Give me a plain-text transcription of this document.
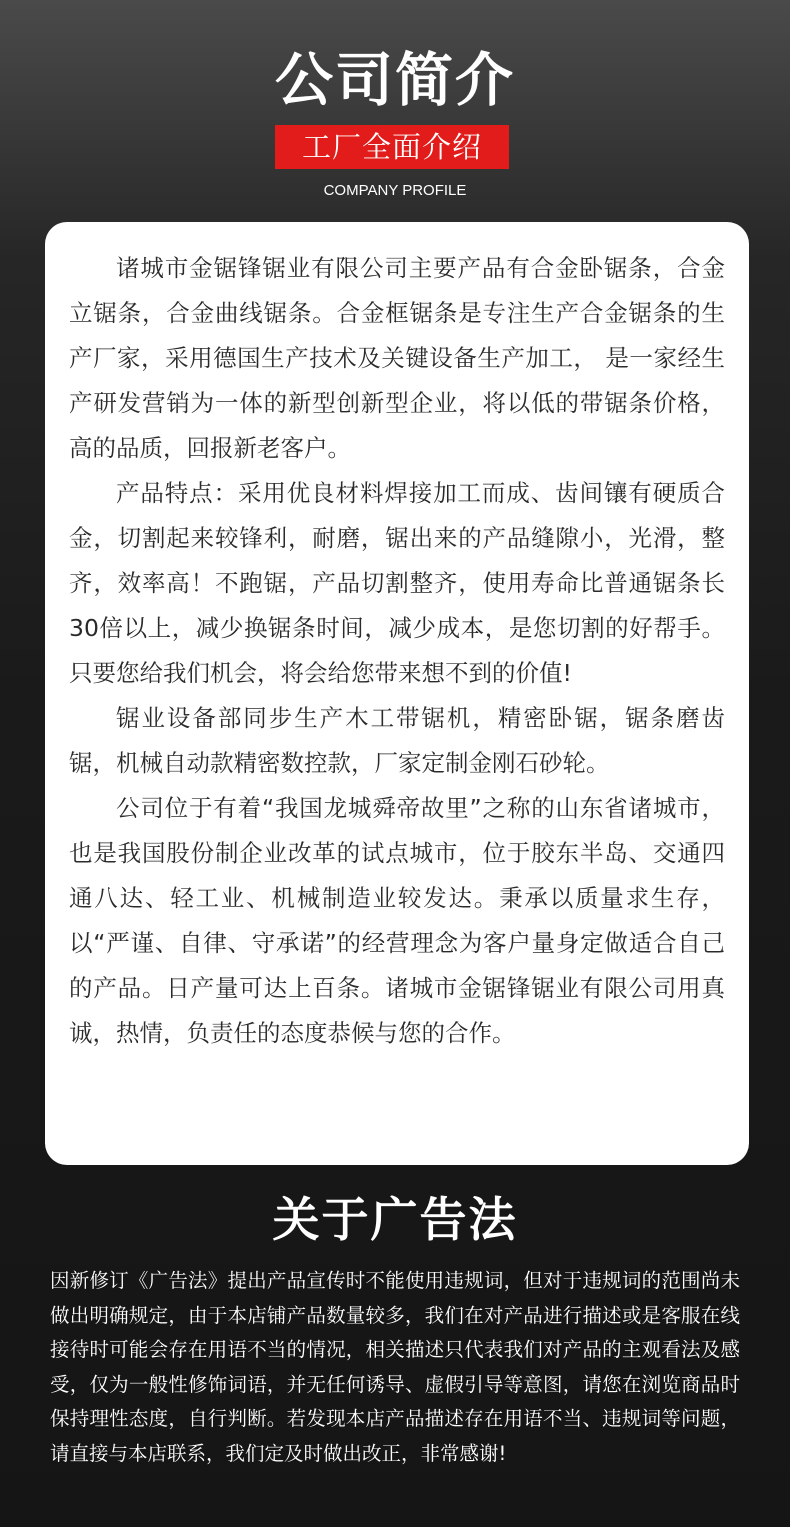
公司简介
工厂全面介绍
COMPANY PROFILE

诸城市金锯锋锯业有限公司主要产品有合金卧锯条，合金立锯条，合金曲线锯条。合金框锯条是专注生产合金锯条的生产厂家，采用德国生产技术及关键设备生产加工， 是一家经生产研发营销为一体的新型创新型企业，将以低的带锯条价格，高的品质，回报新老客户。

产品特点：采用优良材料焊接加工而成、齿间镶有硬质合金，切割起来较锋利，耐磨，锯出来的产品缝隙小，光滑，整齐，效率高！不跑锯，产品切割整齐，使用寿命比普通锯条长30倍以上，减少换锯条时间，减少成本，是您切割的好帮手。只要您给我们机会，将会给您带来想不到的价值!

锯业设备部同步生产木工带锯机，精密卧锯，锯条磨齿锯，机械自动款精密数控款，厂家定制金刚石砂轮。

公司位于有着“我国龙城舜帝故里”之称的山东省诸城市，也是我国股份制企业改革的试点城市，位于胶东半岛、交通四通八达、轻工业、机械制造业较发达。秉承以质量求生存，以“严谨、自律、守承诺”的经营理念为客户量身定做适合自己的产品。日产量可达上百条。诸城市金锯锋锯业有限公司用真诚，热情，负责任的态度恭候与您的合作。

关于广告法

因新修订《广告法》提出产品宣传时不能使用违规词，但对于违规词的范围尚未做出明确规定，由于本店铺产品数量较多，我们在对产品进行描述或是客服在线接待时可能会存在用语不当的情况，相关描述只代表我们对产品的主观看法及感受，仅为一般性修饰词语，并无任何诱导、虚假引导等意图，请您在浏览商品时保持理性态度，自行判断。若发现本店产品描述存在用语不当、违规词等问题，请直接与本店联系，我们定及时做出改正，非常感谢!
